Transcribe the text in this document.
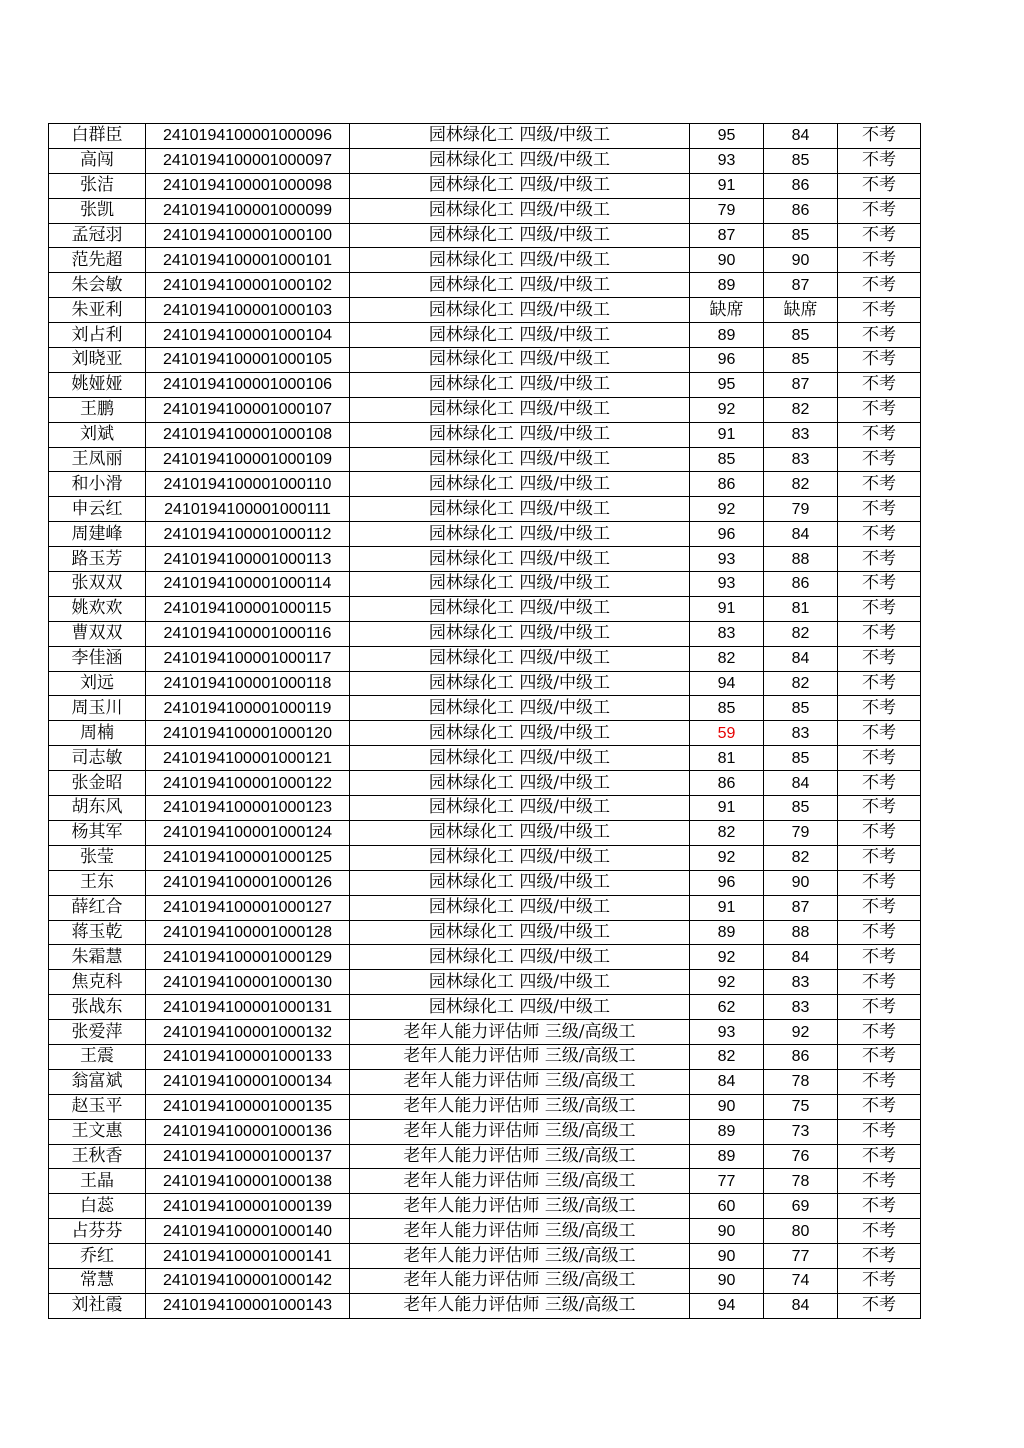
白群臣	2410194100001000096	园林绿化工 四级/中级工	95	84	不考
高闯	2410194100001000097	园林绿化工 四级/中级工	93	85	不考
张洁	2410194100001000098	园林绿化工 四级/中级工	91	86	不考
张凯	2410194100001000099	园林绿化工 四级/中级工	79	86	不考
孟冠羽	2410194100001000100	园林绿化工 四级/中级工	87	85	不考
范先超	2410194100001000101	园林绿化工 四级/中级工	90	90	不考
朱会敏	2410194100001000102	园林绿化工 四级/中级工	89	87	不考
朱亚利	2410194100001000103	园林绿化工 四级/中级工	缺席	缺席	不考
刘占利	2410194100001000104	园林绿化工 四级/中级工	89	85	不考
刘晓亚	2410194100001000105	园林绿化工 四级/中级工	96	85	不考
姚娅娅	2410194100001000106	园林绿化工 四级/中级工	95	87	不考
王鹏	2410194100001000107	园林绿化工 四级/中级工	92	82	不考
刘斌	2410194100001000108	园林绿化工 四级/中级工	91	83	不考
王凤丽	2410194100001000109	园林绿化工 四级/中级工	85	83	不考
和小滑	2410194100001000110	园林绿化工 四级/中级工	86	82	不考
申云红	2410194100001000111	园林绿化工 四级/中级工	92	79	不考
周建峰	2410194100001000112	园林绿化工 四级/中级工	96	84	不考
路玉芳	2410194100001000113	园林绿化工 四级/中级工	93	88	不考
张双双	2410194100001000114	园林绿化工 四级/中级工	93	86	不考
姚欢欢	2410194100001000115	园林绿化工 四级/中级工	91	81	不考
曹双双	2410194100001000116	园林绿化工 四级/中级工	83	82	不考
李佳涵	2410194100001000117	园林绿化工 四级/中级工	82	84	不考
刘远	2410194100001000118	园林绿化工 四级/中级工	94	82	不考
周玉川	2410194100001000119	园林绿化工 四级/中级工	85	85	不考
周楠	2410194100001000120	园林绿化工 四级/中级工	59	83	不考
司志敏	2410194100001000121	园林绿化工 四级/中级工	81	85	不考
张金昭	2410194100001000122	园林绿化工 四级/中级工	86	84	不考
胡东风	2410194100001000123	园林绿化工 四级/中级工	91	85	不考
杨其军	2410194100001000124	园林绿化工 四级/中级工	82	79	不考
张莹	2410194100001000125	园林绿化工 四级/中级工	92	82	不考
王东	2410194100001000126	园林绿化工 四级/中级工	96	90	不考
薛红合	2410194100001000127	园林绿化工 四级/中级工	91	87	不考
蒋玉乾	2410194100001000128	园林绿化工 四级/中级工	89	88	不考
朱霜慧	2410194100001000129	园林绿化工 四级/中级工	92	84	不考
焦克科	2410194100001000130	园林绿化工 四级/中级工	92	83	不考
张战东	2410194100001000131	园林绿化工 四级/中级工	62	83	不考
张爱萍	2410194100001000132	老年人能力评估师 三级/高级工	93	92	不考
王震	2410194100001000133	老年人能力评估师 三级/高级工	82	86	不考
翁富斌	2410194100001000134	老年人能力评估师 三级/高级工	84	78	不考
赵玉平	2410194100001000135	老年人能力评估师 三级/高级工	90	75	不考
王文惠	2410194100001000136	老年人能力评估师 三级/高级工	89	73	不考
王秋香	2410194100001000137	老年人能力评估师 三级/高级工	89	76	不考
王晶	2410194100001000138	老年人能力评估师 三级/高级工	77	78	不考
白蕊	2410194100001000139	老年人能力评估师 三级/高级工	60	69	不考
占芬芬	2410194100001000140	老年人能力评估师 三级/高级工	90	80	不考
乔红	2410194100001000141	老年人能力评估师 三级/高级工	90	77	不考
常慧	2410194100001000142	老年人能力评估师 三级/高级工	90	74	不考
刘社霞	2410194100001000143	老年人能力评估师 三级/高级工	94	84	不考
